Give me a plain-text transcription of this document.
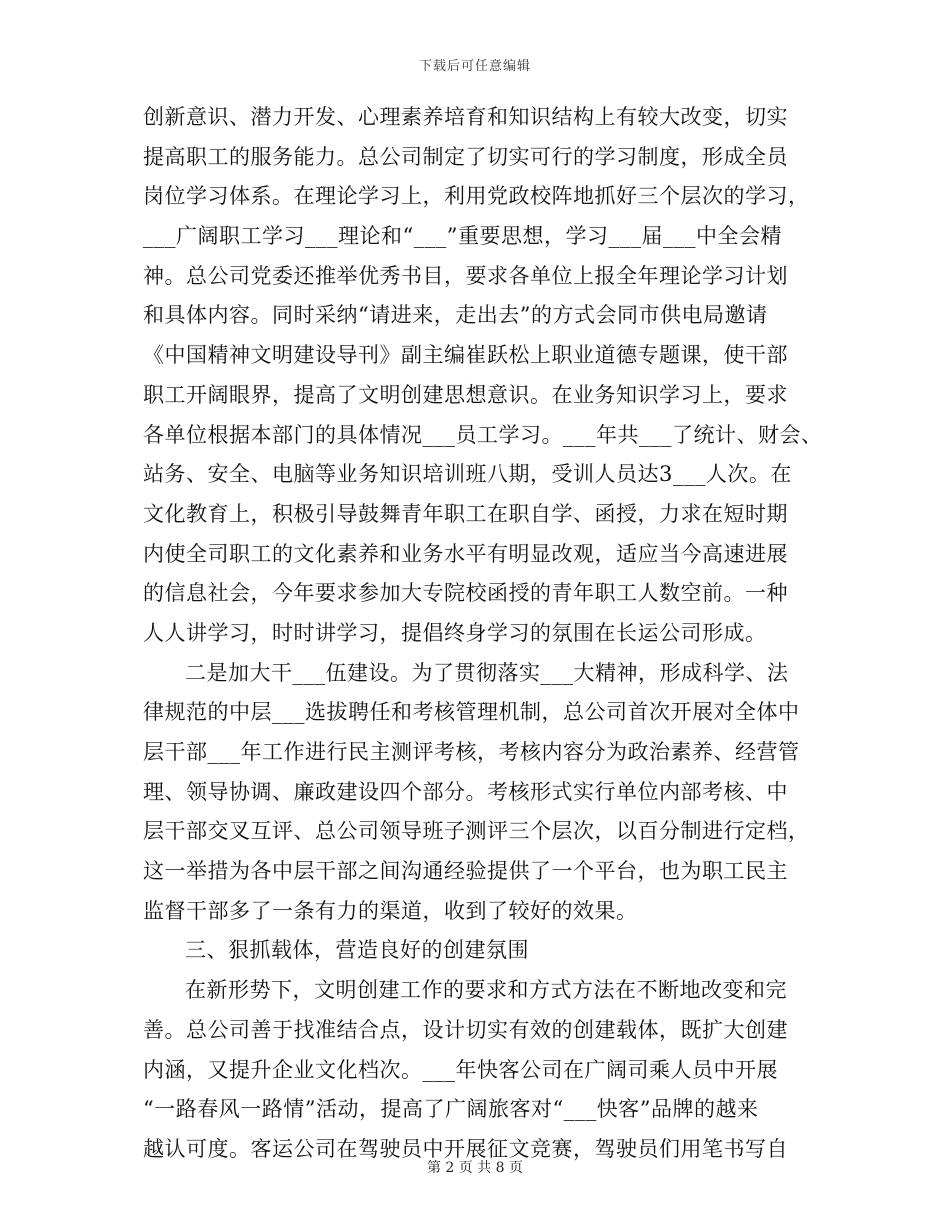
下载后可任意编辑
创新意识、潜力开发、心理素养培育和知识结构上有较大改变，切实
提高职工的服务能力。总公司制定了切实可行的学习制度，形成全员
岗位学习体系。在理论学习上，利用党政校阵地抓好三个层次的学习，
___广阔职工学习___理论和“___”重要思想，学习___届___中全会精
神。总公司党委还推举优秀书目，要求各单位上报全年理论学习计划
和具体内容。同时采纳“请进来，走出去”的方式会同市供电局邀请
《中国精神文明建设导刊》副主编崔跃松上职业道德专题课，使干部
职工开阔眼界，提高了文明创建思想意识。在业务知识学习上，要求
各单位根据本部门的具体情况___员工学习。___年共___了统计、财会、
站务、安全、电脑等业务知识培训班八期，受训人员达3___人次。在
文化教育上，积极引导鼓舞青年职工在职自学、函授，力求在短时期
内使全司职工的文化素养和业务水平有明显改观，适应当今高速进展
的信息社会，今年要求参加大专院校函授的青年职工人数空前。一种
人人讲学习，时时讲学习，提倡终身学习的氛围在长运公司形成。
二是加大干___伍建设。为了贯彻落实___大精神，形成科学、法
律规范的中层___选拔聘任和考核管理机制，总公司首次开展对全体中
层干部___年工作进行民主测评考核，考核内容分为政治素养、经营管
理、领导协调、廉政建设四个部分。考核形式实行单位内部考核、中
层干部交叉互评、总公司领导班子测评三个层次，以百分制进行定档，
这一举措为各中层干部之间沟通经验提供了一个平台，也为职工民主
监督干部多了一条有力的渠道，收到了较好的效果。
三、狠抓载体，营造良好的创建氛围
在新形势下，文明创建工作的要求和方式方法在不断地改变和完
善。总公司善于找准结合点，设计切实有效的创建载体，既扩大创建
内涵，又提升企业文化档次。___年快客公司在广阔司乘人员中开展
“一路春风一路情”活动，提高了广阔旅客对“___快客”品牌的越来
越认可度。客运公司在驾驶员中开展征文竞赛，驾驶员们用笔书写自
第 2 页 共 8 页
